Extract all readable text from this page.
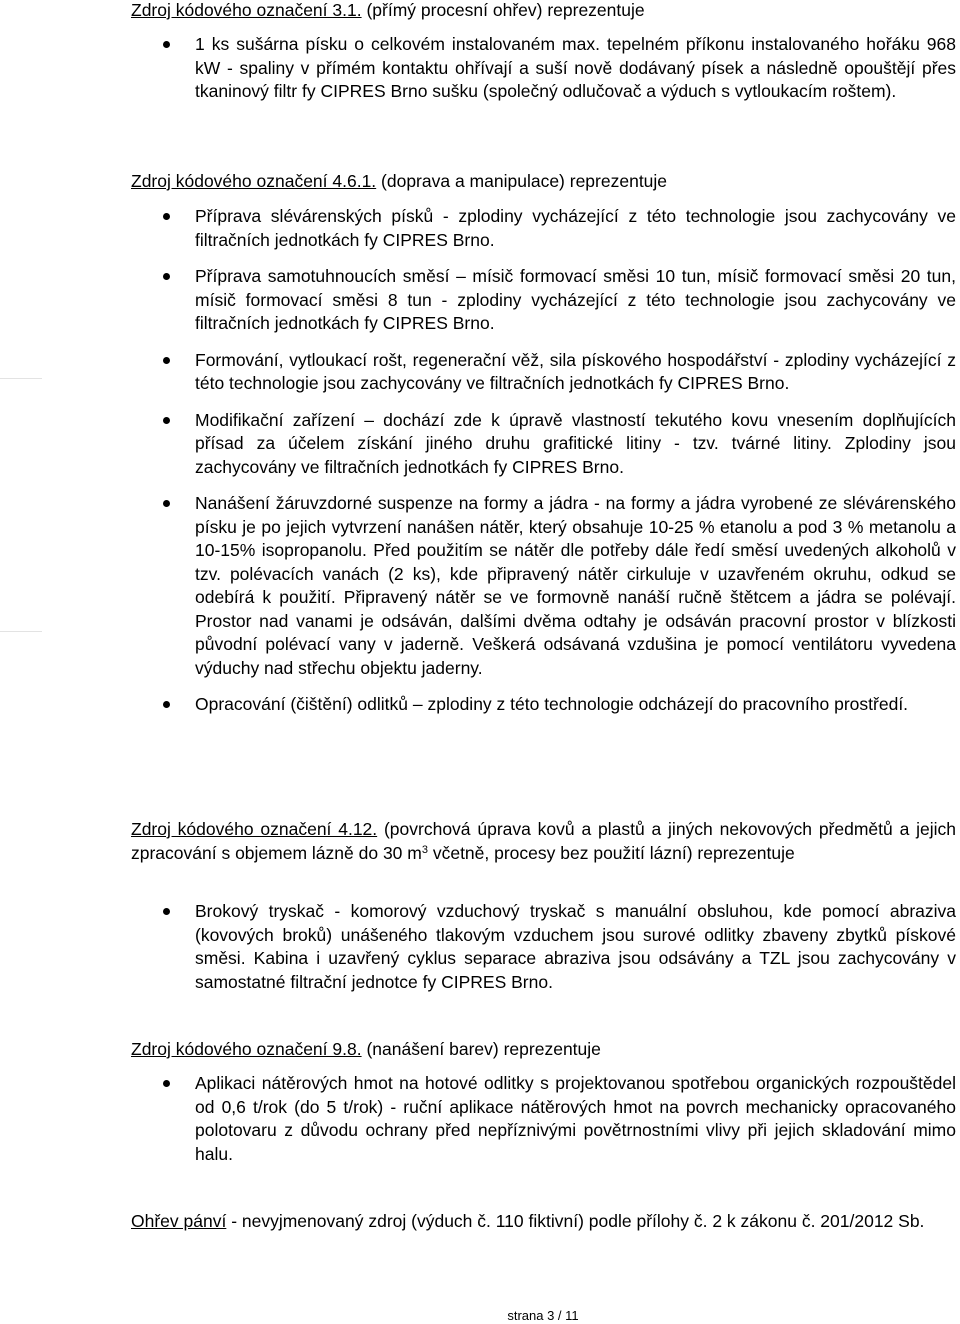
Zdroj kódového označení 3.1. (přímý procesní ohřev) reprezentuje

1 ks sušárna písku o celkovém instalovaném max. tepelném příkonu instalovaného hořáku 968 kW - spaliny v přímém kontaktu ohřívají a suší nově dodávaný písek a následně opouštějí přes tkaninový filtr fy CIPRES Brno sušku (společný odlučovač a výduch s vytloukacím roštem).

Zdroj kódového označení 4.6.1. (doprava a manipulace) reprezentuje

Příprava slévárenských písků - zplodiny vycházející z této technologie jsou zachycovány ve filtračních jednotkách fy CIPRES Brno.
Příprava samotuhnoucích směsí – mísič formovací směsi 10 tun, mísič formovací směsi 20 tun, mísič formovací směsi 8 tun - zplodiny vycházející z této technologie jsou zachycovány ve filtračních jednotkách fy CIPRES Brno.
Formování, vytloukací rošt, regenerační věž, sila pískového hospodářství - zplodiny vycházející z této technologie jsou zachycovány ve filtračních jednotkách fy CIPRES Brno.
Modifikační zařízení – dochází zde k úpravě vlastností tekutého kovu vnesením doplňujících přísad za účelem získání jiného druhu grafitické litiny - tzv. tvárné litiny. Zplodiny jsou zachycovány ve filtračních jednotkách fy CIPRES Brno.
Nanášení žáruvzdorné suspenze na formy a jádra - na formy a jádra vyrobené ze slévárenského písku je po jejich vytvrzení nanášen nátěr, který obsahuje 10-25 % etanolu a pod 3 % metanolu a 10-15% isopropanolu. Před použitím se nátěr dle potřeby dále ředí směsí uvedených alkoholů v tzv. polévacích vanách (2 ks), kde připravený nátěr cirkuluje v uzavřeném okruhu, odkud se odebírá k použití. Připravený nátěr se ve formovně nanáší ručně štětcem a jádra se polévají. Prostor nad vanami je odsáván, dalšími dvěma odtahy je odsáván pracovní prostor v blízkosti původní polévací vany v jaderně. Veškerá odsávaná vzdušina je pomocí ventilátoru vyvedena výduchy nad střechu objektu jaderny.
Opracování (čištění) odlitků – zplodiny z této technologie odcházejí do pracovního prostředí.

Zdroj kódového označení 4.12. (povrchová úprava kovů a plastů a jiných nekovových předmětů a jejich zpracování s objemem lázně do 30 $m^3$ včetně, procesy bez použití lázní) reprezentuje

Brokový tryskač - komorový vzduchový tryskač s manuální obsluhou, kde pomocí abraziva (kovových broků) unášeného tlakovým vzduchem jsou surové odlitky zbaveny zbytků pískové směsi. Kabina i uzavřený cyklus separace abraziva jsou odsávány a TZL jsou zachycovány v samostatné filtrační jednotce fy CIPRES Brno.

Zdroj kódového označení 9.8. (nanášení barev) reprezentuje

Aplikaci nátěrových hmot na hotové odlitky s projektovanou spotřebou organických rozpouštědel od 0,6 t/rok (do 5 t/rok) - ruční aplikace nátěrových hmot na povrch mechanicky opracovaného polotovaru z důvodu ochrany před nepříznivými povětrnostními vlivy při jejich skladování mimo halu.

Ohřev pánví - nevyjmenovaný zdroj (výduch č. 110 fiktivní) podle přílohy č. 2 k zákonu č. 201/2012 Sb.

strana 3 / 11
